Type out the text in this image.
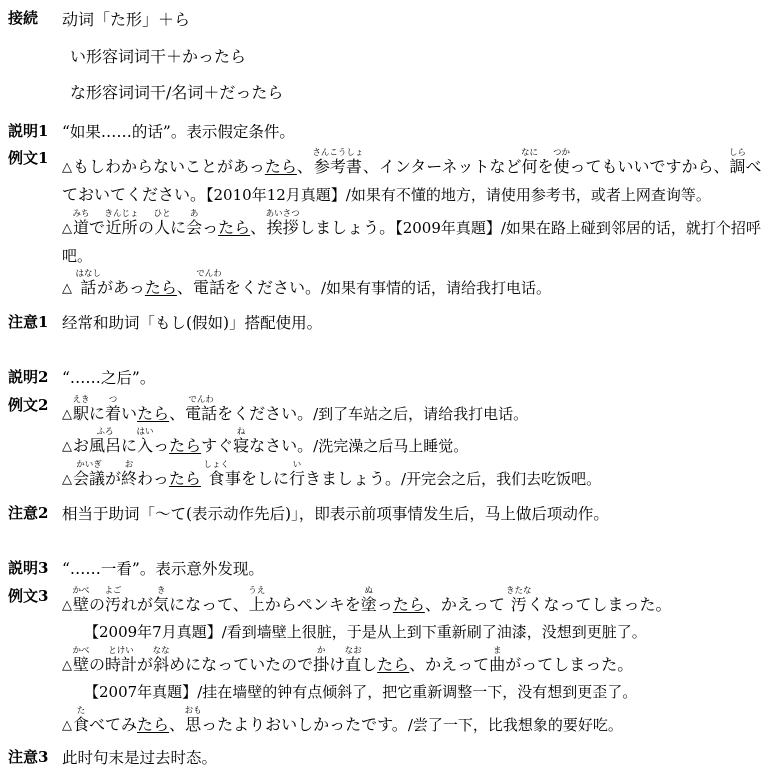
接続	动词「た形」＋ら
い形容词词干＋かったら
な形容词词干/名词＋だったら
説明1 “如果……的话”。表示假定条件。
例文1
△もしわからないことがあったら、参考書さんこうしょ、インターネットなど何なにを使つかってもいいですから、調しらべておいてください。【2010年12月真題】/如果有不懂的地方，请使用参考书，或者上网查询等。
△道みちで近所きんじょの人ひとに会あったら、挨拶あいさつしましょう。【2009年真題】/如果在路上碰到邻居的话，就打个招呼吧。
△ 話はなしがあったら、電話でんわをください。/如果有事情的话，请给我打电话。
注意1 经常和助词「もし(假如)」搭配使用。
説明2 “……之后”。
例文2
△駅えきに着ついたら、電話でんわをください。/到了车站之后，请给我打电话。
△お風呂ふろに入はいったらすぐ寝ねなさい。/洗完澡之后马上睡觉。
△会議かいぎが終おわったら 食しょく事をしに行いきましょう。/开完会之后，我们去吃饭吧。
注意2 相当于助词「～て(表示动作先后)」，即表示前项事情发生后，马上做后项动作。
説明3 “……一看”。表示意外发现。
例文3
△壁かべの汚よごれが気きになって、上うえからペンキを塗ぬったら、かえって 汚きたなくなってしまった。
【2009年7月真題】/看到墙壁上很脏，于是从上到下重新刷了油漆，没想到更脏了。
△壁かべの時計とけいが斜ななめになっていたので掛かけ直なおしたら、かえって曲まがってしまった。
【2007年真題】/挂在墙壁的钟有点倾斜了，把它重新调整一下，没有想到更歪了。
△食たべてみたら、思おもったよりおいしかったです。/尝了一下，比我想象的要好吃。
注意3 此时句末是过去时态。
